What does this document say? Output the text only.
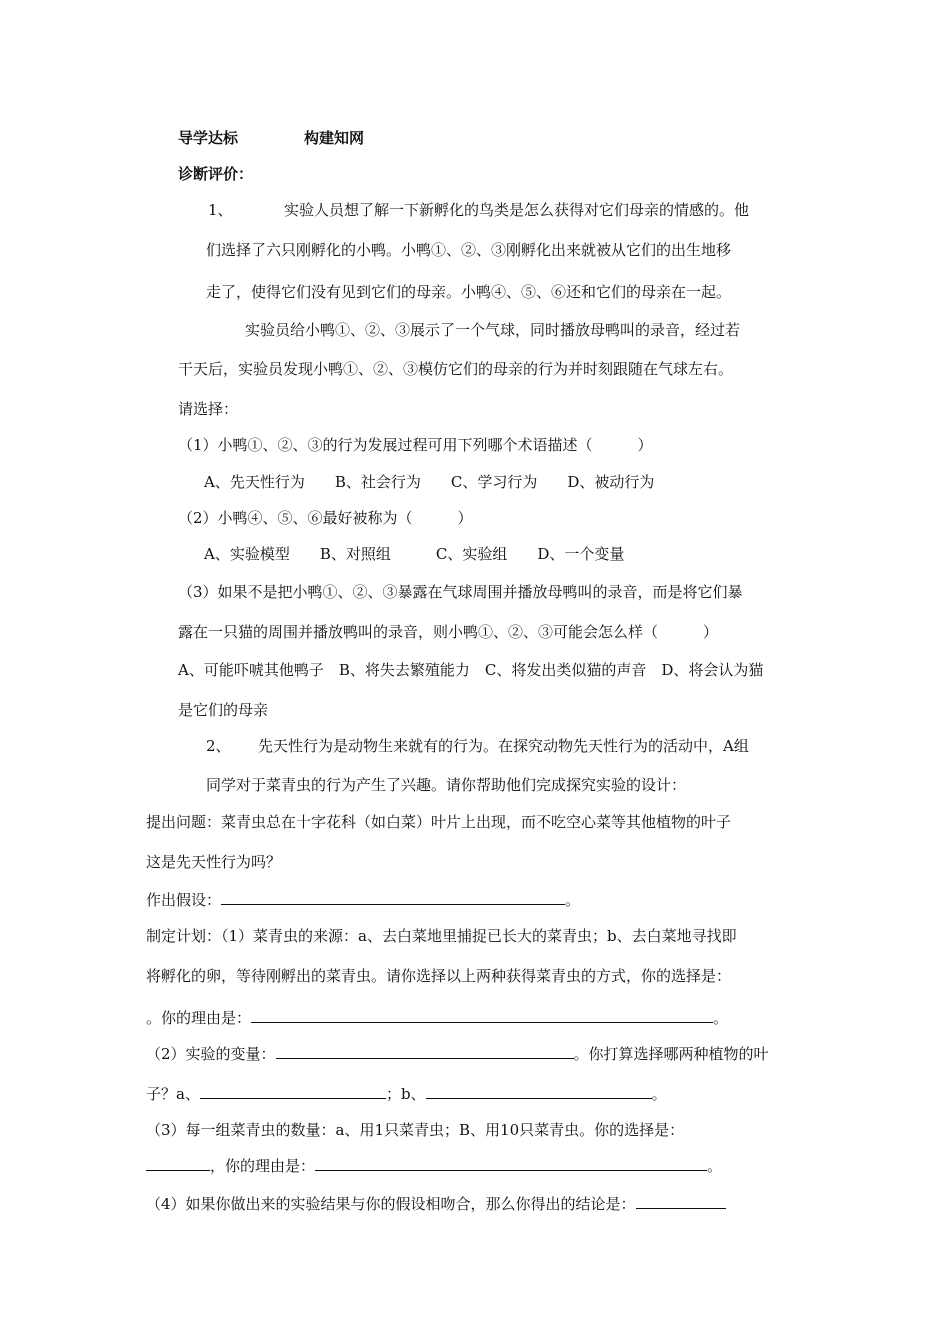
导学达标	构建知网
诊断评价：
1、	实验人员想了解一下新孵化的鸟类是怎么获得对它们母亲的情感的。他
们选择了六只刚孵化的小鸭。小鸭①、②、③刚孵化出来就被从它们的出生地移
走了，使得它们没有见到它们的母亲。小鸭④、⑤、⑥还和它们的母亲在一起。
实验员给小鸭①、②、③展示了一个气球，同时播放母鸭叫的录音，经过若
干天后，实验员发现小鸭①、②、③模仿它们的母亲的行为并时刻跟随在气球左右。
请选择：
（1）小鸭①、②、③的行为发展过程可用下列哪个术语描述（　　　）
A、先天性行为　　B、社会行为　　C、学习行为　　D、被动行为
（2）小鸭④、⑤、⑥最好被称为（　　　）
A、实验模型　　B、对照组　　　C、实验组　　D、一个变量
（3）如果不是把小鸭①、②、③暴露在气球周围并播放母鸭叫的录音，而是将它们暴
露在一只猫的周围并播放鸭叫的录音，则小鸭①、②、③可能会怎么样（　　　）
A、可能吓唬其他鸭子　B、将失去繁殖能力　C、将发出类似猫的声音　D、将会认为猫
是它们的母亲
2、 先天性行为是动物生来就有的行为。在探究动物先天性行为的活动中，A组
同学对于菜青虫的行为产生了兴趣。请你帮助他们完成探究实验的设计：
提出问题：菜青虫总在十字花科（如白菜）叶片上出现，而不吃空心菜等其他植物的叶子
这是先天性行为吗？
作出假设：	。
制定计划：（1）菜青虫的来源：a、去白菜地里捕捉已长大的菜青虫；b、去白菜地寻找即
将孵化的卵，等待刚孵出的菜青虫。请你选择以上两种获得菜青虫的方式，你的选择是：
。你的理由是：	。
（2）实验的变量：	。你打算选择哪两种植物的叶
子？a、	；b、	。
（3）每一组菜青虫的数量：a、用1只菜青虫；B、用10只菜青虫。你的选择是：
，你的理由是：	。
（4）如果你做出来的实验结果与你的假设相吻合，那么你得出的结论是：
